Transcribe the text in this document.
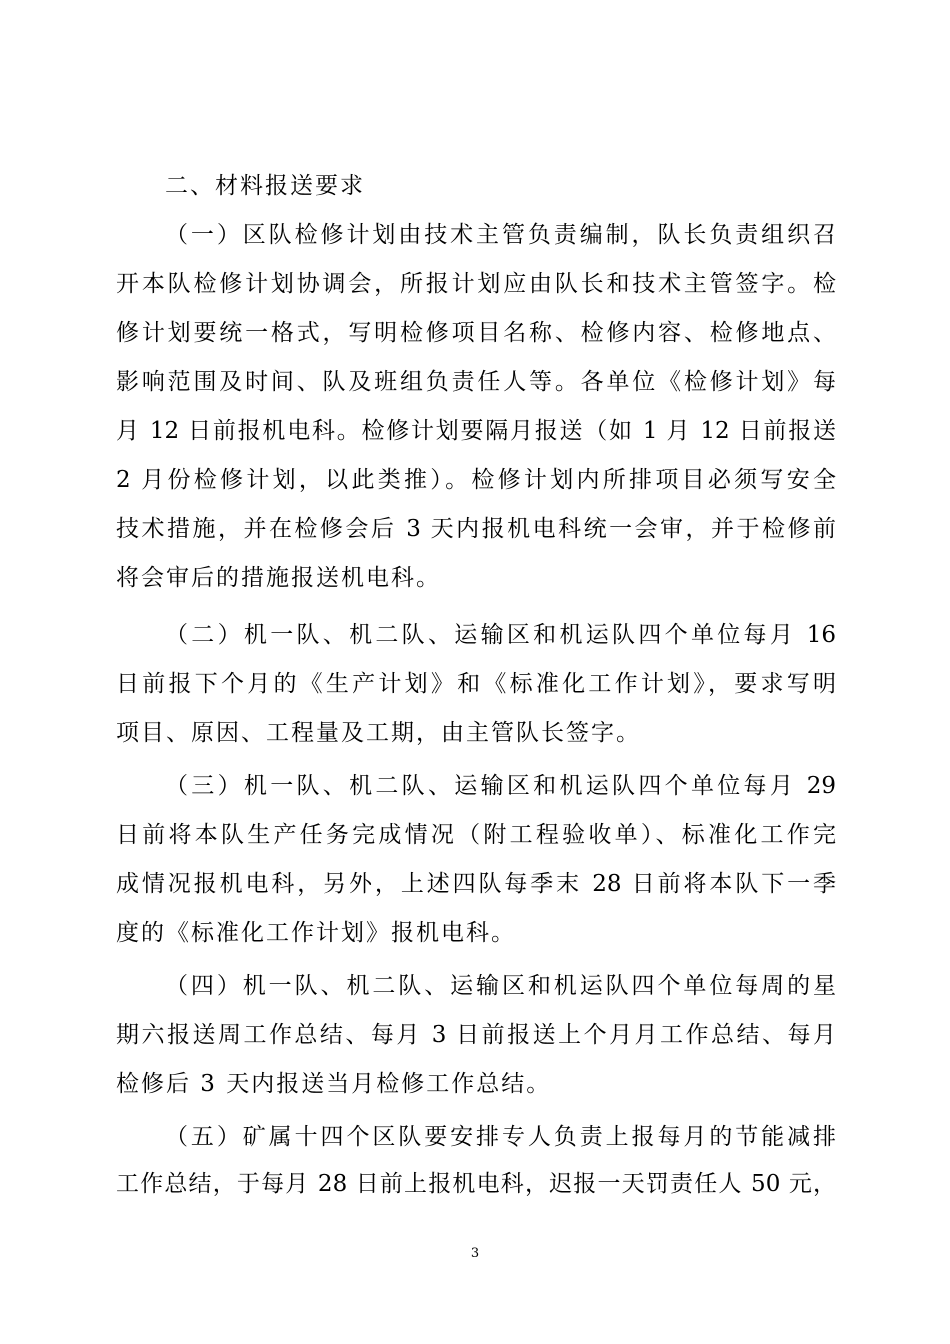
二、材料报送要求
（一）区队检修计划由技术主管负责编制，队长负责组织召
开本队检修计划协调会，所报计划应由队长和技术主管签字。检
修计划要统一格式，写明检修项目名称、检修内容、检修地点、
影响范围及时间、队及班组负责任人等。各单位《检修计划》每
月 12 日前报机电科。检修计划要隔月报送（如 1 月 12 日前报送
2 月份检修计划，以此类推）。检修计划内所排项目必须写安全
技术措施，并在检修会后 3 天内报机电科统一会审，并于检修前
将会审后的措施报送机电科。
（二）机一队、机二队、运输区和机运队四个单位每月 16
日前报下个月的《生产计划》和《标准化工作计划》，要求写明
项目、原因、工程量及工期，由主管队长签字。
（三）机一队、机二队、运输区和机运队四个单位每月 29
日前将本队生产任务完成情况（附工程验收单）、标准化工作完
成情况报机电科，另外，上述四队每季末 28 日前将本队下一季
度的《标准化工作计划》报机电科。
（四）机一队、机二队、运输区和机运队四个单位每周的星
期六报送周工作总结、每月 3 日前报送上个月月工作总结、每月
检修后 3 天内报送当月检修工作总结。
（五）矿属十四个区队要安排专人负责上报每月的节能减排
工作总结，于每月 28 日前上报机电科，迟报一天罚责任人 50 元，
3
